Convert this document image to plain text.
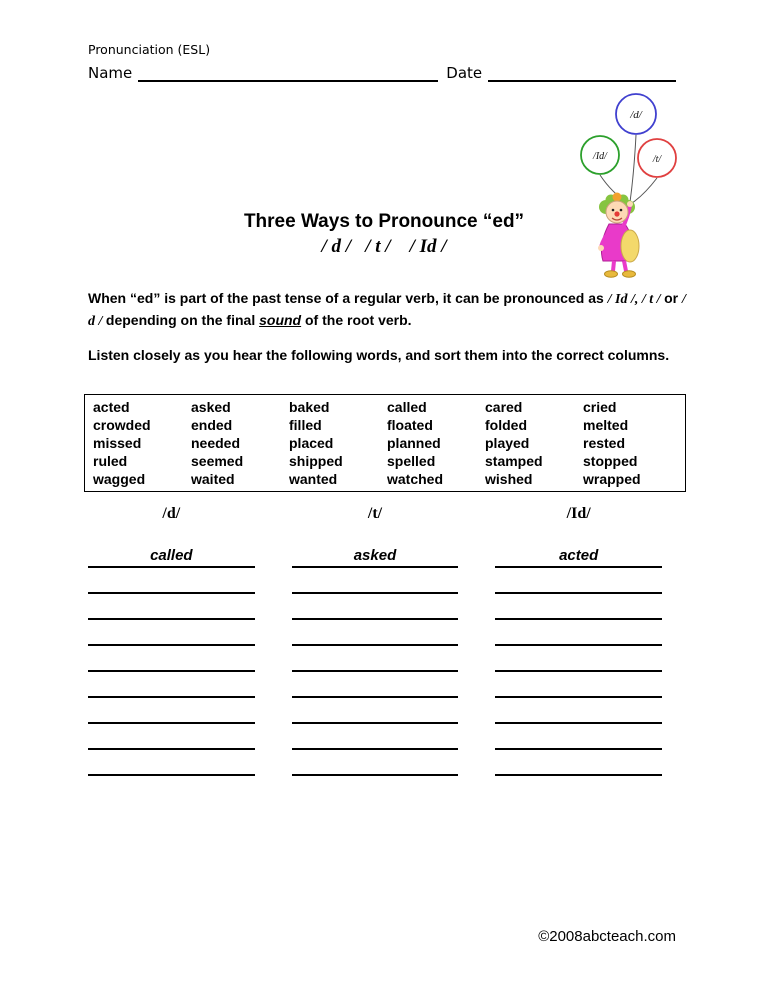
Pronunciation (ESL)
Name	Date
/d/
/Id/	/t/
Three Ways to Pronounce “ed”
/ d /   / t /    / Id /
When “ed” is part of the past tense of a regular verb, it can be pronounced as / Id /, / t / or / d / depending on the final sound of the root verb.
Listen closely as you hear the following words, and sort them into the correct columns.
acted
crowded
missed
ruled
wagged
asked
ended
needed
seemed
waited
baked
filled
placed
shipped
wanted
called
floated
planned
spelled
watched
cared
folded
played
stamped
wished
cried
melted
rested
stopped
wrapped
/d/
called
/t/
asked
/Id/
acted
©2008abcteach.com
